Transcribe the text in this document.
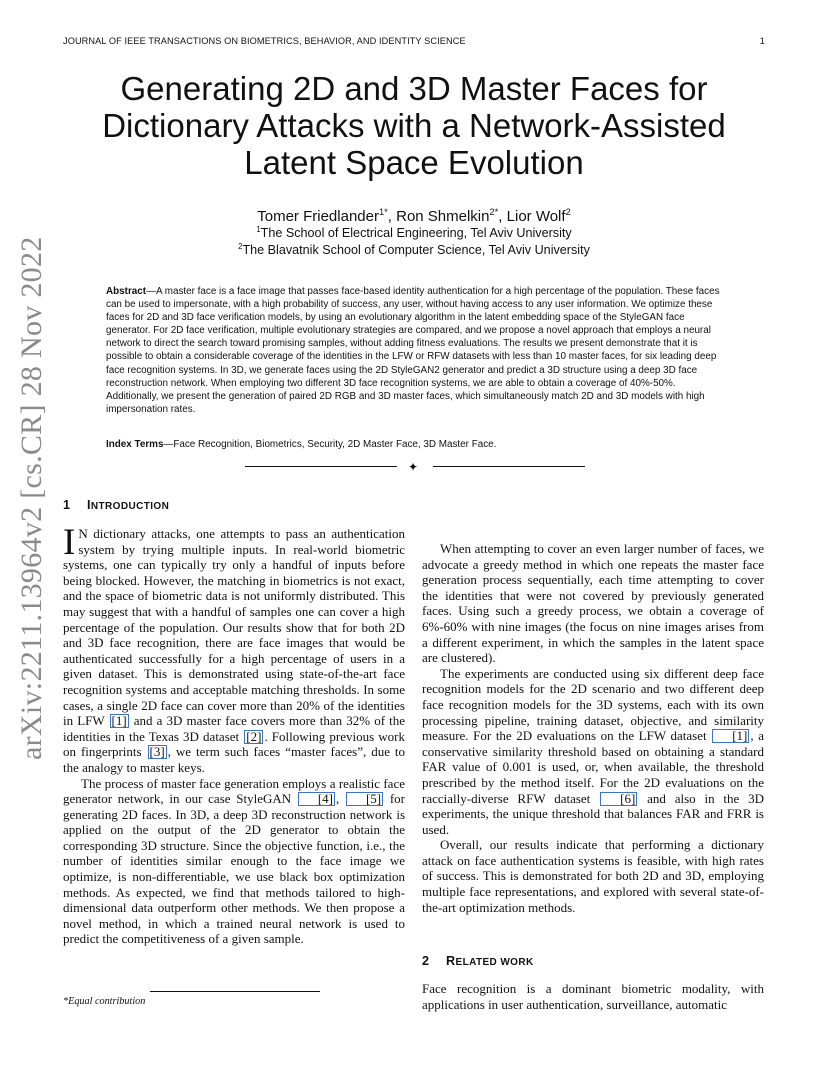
JOURNAL OF IEEE TRANSACTIONS ON BIOMETRICS, BEHAVIOR, AND IDENTITY SCIENCE	1
arXiv:2211.13964v2 [cs.CR] 28 Nov 2022
Generating 2D and 3D Master Faces for Dictionary Attacks with a Network-Assisted Latent Space Evolution
Tomer Friedlander$^{1*}$, Ron Shmelkin$^{2*}$, Lior Wolf$^2$
$^1$The School of Electrical Engineering, Tel Aviv University
$^2$The Blavatnik School of Computer Science, Tel Aviv University
Abstract—A master face is a face image that passes face-based identity authentication for a high percentage of the population. These faces can be used to impersonate, with a high probability of success, any user, without having access to any user information. We optimize these faces for 2D and 3D face verification models, by using an evolutionary algorithm in the latent embedding space of the StyleGAN face generator. For 2D face verification, multiple evolutionary strategies are compared, and we propose a novel approach that employs a neural network to direct the search toward promising samples, without adding fitness evaluations. The results we present demonstrate that it is possible to obtain a considerable coverage of the identities in the LFW or RFW datasets with less than 10 master faces, for six leading deep face recognition systems. In 3D, we generate faces using the 2D StyleGAN2 generator and predict a 3D structure using a deep 3D face reconstruction network. When employing two different 3D face recognition systems, we are able to obtain a coverage of 40%-50%. Additionally, we present the generation of paired 2D RGB and 3D master faces, which simultaneously match 2D and 3D models with high impersonation rates.
Index Terms—Face Recognition, Biometrics, Security, 2D Master Face, 3D Master Face.
✦
1 INTRODUCTION

I N dictionary attacks, one attempts to pass an authentication system by trying multiple inputs. In real-world biometric systems, one can typically try only a handful of inputs before being blocked. However, the matching in biometrics is not exact, and the space of biometric data is not uniformly distributed. This may suggest that with a handful of samples one can cover a high percentage of the population. Our results show that for both 2D and 3D face recognition, there are face images that would be authenticated successfully for a high percentage of users in a given dataset. This is demonstrated using state-of-the-art face recognition systems and acceptable matching thresholds. In some cases, a single 2D face can cover more than 20% of the identities in LFW [1] and a 3D master face covers more than 32% of the identities in the Texas 3D dataset [2] . Following previous work on fingerprints [3] , we term such faces “master faces”, due to the analogy to master keys.

The process of master face generation employs a realistic face generator network, in our case StyleGAN [4] , [5] for generating 2D faces. In 3D, a deep 3D reconstruction network is applied on the output of the 2D generator to obtain the corresponding 3D structure. Since the objective function, i.e., the number of identities similar enough to the face image we optimize, is non-differentiable, we use black box optimization methods. As expected, we find that methods tailored to high-dimensional data outperform other methods. We then propose a novel method, in which a trained neural network is used to predict the competitiveness of a given sample.

When attempting to cover an even larger number of faces, we advocate a greedy method in which one repeats the master face generation process sequentially, each time attempting to cover the identities that were not covered by previously generated faces. Using such a greedy process, we obtain a coverage of 6%-60% with nine images (the focus on nine images arises from a different experiment, in which the samples in the latent space are clustered).

The experiments are conducted using six different deep face recognition models for the 2D scenario and two different deep face recognition models for the 3D systems, each with its own processing pipeline, training dataset, objective, and similarity measure. For the 2D evaluations on the LFW dataset [1] , a conservative similarity threshold based on obtaining a standard FAR value of 0.001 is used, or, when available, the threshold prescribed by the method itself. For the 2D evaluations on the raccially-diverse RFW dataset [6] and also in the 3D experiments, the unique threshold that balances FAR and FRR is used.

Overall, our results indicate that performing a dictionary attack on face authentication systems is feasible, with high rates of success. This is demonstrated for both 2D and 3D, employing multiple face representations, and explored with several state-of-the-art optimization methods.

2 RELATED WORK

Face recognition is a dominant biometric modality, with applications in user authentication, surveillance, automatic

*Equal contribution
